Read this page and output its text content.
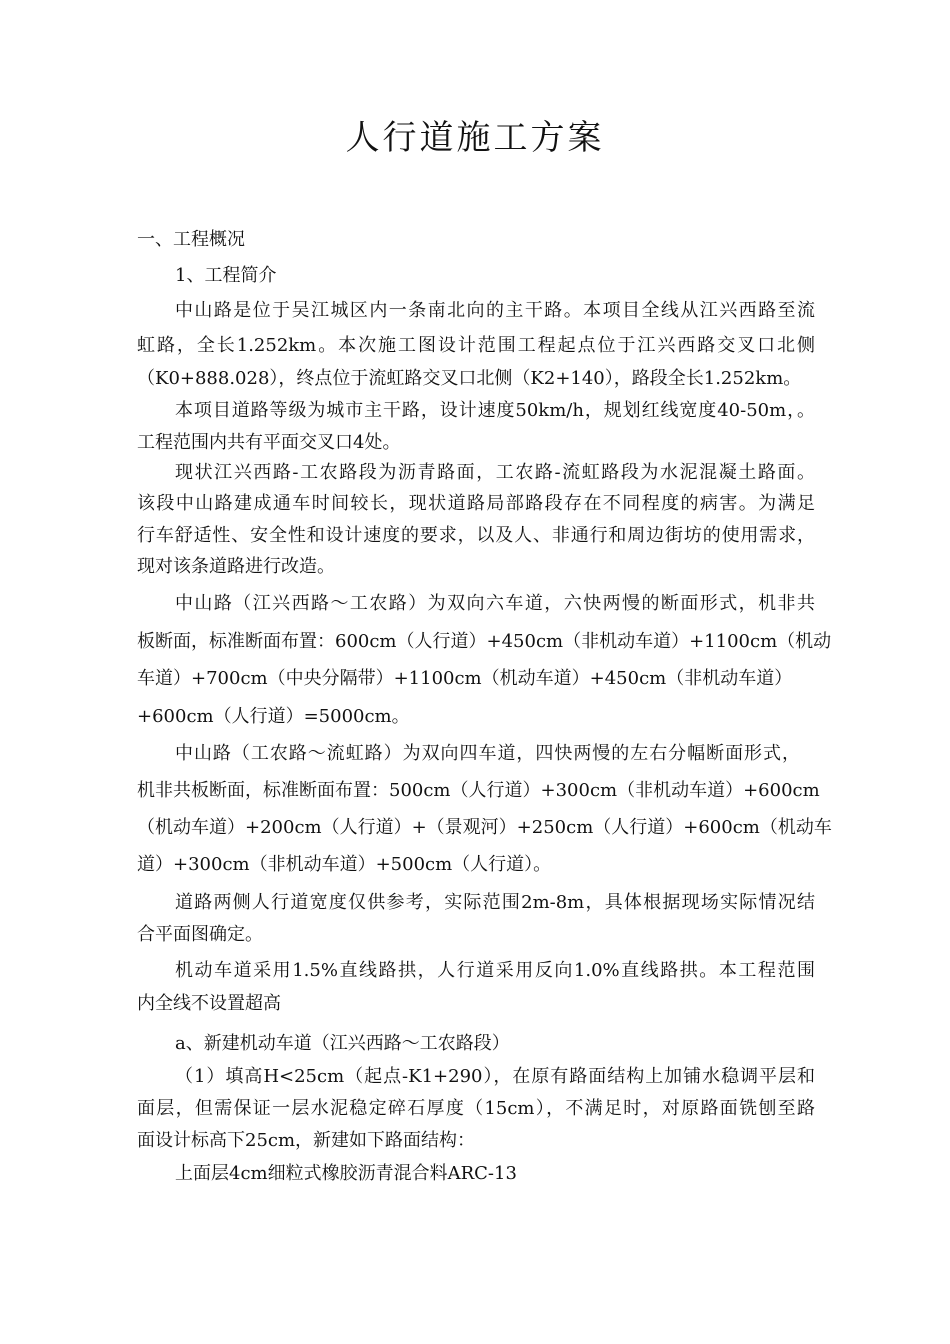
人行道施工方案
一、工程概况
1、工程简介
中山路是位于吴江城区内一条南北向的主干路。本项目全线从江兴西路至流
虹路，全长1.252km。本次施工图设计范围工程起点位于江兴西路交叉口北侧
（K0+888.028），终点位于流虹路交叉口北侧（K2+140），路段全长1.252km。
本项目道路等级为城市主干路，设计速度50km/h，规划红线宽度40-50m，。
工程范围内共有平面交叉口4处。
现状江兴西路-工农路段为沥青路面，工农路-流虹路段为水泥混凝土路面。
该段中山路建成通车时间较长，现状道路局部路段存在不同程度的病害。为满足
行车舒适性、安全性和设计速度的要求，以及人、非通行和周边街坊的使用需求，
现对该条道路进行改造。
中山路（江兴西路～工农路）为双向六车道，六快两慢的断面形式，机非共
板断面，标准断面布置：600cm（人行道）+450cm（非机动车道）+1100cm（机动
车道）+700cm（中央分隔带）+1100cm（机动车道）+450cm（非机动车道）
+600cm（人行道）=5000cm。
中山路（工农路～流虹路）为双向四车道，四快两慢的左右分幅断面形式，
机非共板断面，标准断面布置：500cm（人行道）+300cm（非机动车道）+600cm
（机动车道）+200cm（人行道）+（景观河）+250cm（人行道）+600cm（机动车
道）+300cm（非机动车道）+500cm（人行道）。
道路两侧人行道宽度仅供参考，实际范围2m-8m，具体根据现场实际情况结
合平面图确定。
机动车道采用1.5%直线路拱，人行道采用反向1.0%直线路拱。本工程范围
内全线不设置超高
a、新建机动车道（江兴西路～工农路段）
（1）填高H<25cm（起点-K1+290），在原有路面结构上加铺水稳调平层和
面层，但需保证一层水泥稳定碎石厚度（15cm），不满足时，对原路面铣刨至路
面设计标高下25cm，新建如下路面结构：
上面层4cm细粒式橡胶沥青混合料ARC-13
